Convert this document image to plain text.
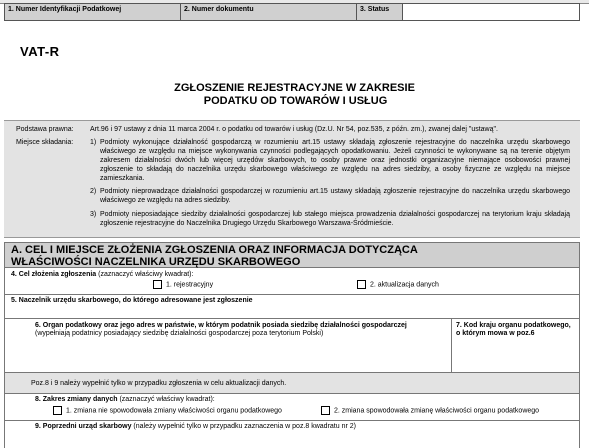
1. Numer Identyfikacji Podatkowej	2. Numer dokumentu	3. Status
VAT-R
ZGŁOSZENIE REJESTRACYJNE W ZAKRESIE
PODATKU OD TOWARÓW I USŁUG
Podstawa prawna: Art.96 i 97 ustawy z dnia 11 marca 2004 r. o podatku od towarów i usług (Dz.U. Nr 54, poz.535, z późn. zm.), zwanej dalej "ustawą".
Miejsce składania: 1) Podmioty wykonujące działalność gospodarczą w rozumieniu art.15 ustawy składają zgłoszenie rejestracyjne do naczelnika urzędu skarbowego właściwego ze względu na miejsce wykonywania czynności podlegających opodatkowaniu. Jeżeli czynności te wykonywane są na terenie objętym zakresem działalności dwóch lub więcej urzędów skarbowych, to osoby prawne oraz jednostki organizacyjne niemające osobowości prawnej zgłoszenie to składają do naczelnika urzędu skarbowego właściwego ze względu na adres siedziby, a osoby fizyczne ze względu na miejsce zamieszkania.
2) Podmioty nieprowadzące działalności gospodarczej w rozumieniu art.15 ustawy składają zgłoszenie rejestracyjne do naczelnika urzędu skarbowego właściwego ze względu na adres siedziby.
3) Podmioty nieposiadające siedziby działalności gospodarczej lub stałego miejsca prowadzenia działalności gospodarczej na terytorium kraju składają zgłoszenie rejestracyjne do Naczelnika Drugiego Urzędu Skarbowego Warszawa-Śródmieście.
A. CEL I MIEJSCE ZŁOŻENIA ZGŁOSZENIA ORAZ INFORMACJA DOTYCZĄCA
WŁAŚCIWOŚCI NACZELNIKA URZĘDU SKARBOWEGO
4. Cel złożenia zgłoszenia (zaznaczyć właściwy kwadrat):
1. rejestracyjny	2. aktualizacja danych
5. Naczelnik urzędu skarbowego, do którego adresowane jest zgłoszenie
6. Organ podatkowy oraz jego adres w państwie, w którym podatnik posiada siedzibę działalności gospodarczej (wypełniają podatnicy posiadający siedzibę działalności gospodarczej poza terytorium Polski)
7. Kod kraju organu podatkowego, o którym mowa w poz.6
Poz.8 i 9 należy wypełnić tylko w przypadku zgłoszenia w celu aktualizacji danych.
8. Zakres zmiany danych (zaznaczyć właściwy kwadrat):
1. zmiana nie spowodowała zmiany właściwości organu podatkowego	2. zmiana spowodowała zmianę właściwości organu podatkowego
9. Poprzedni urząd skarbowy (należy wypełnić tylko w przypadku zaznaczenia w poz.8 kwadratu nr 2)
